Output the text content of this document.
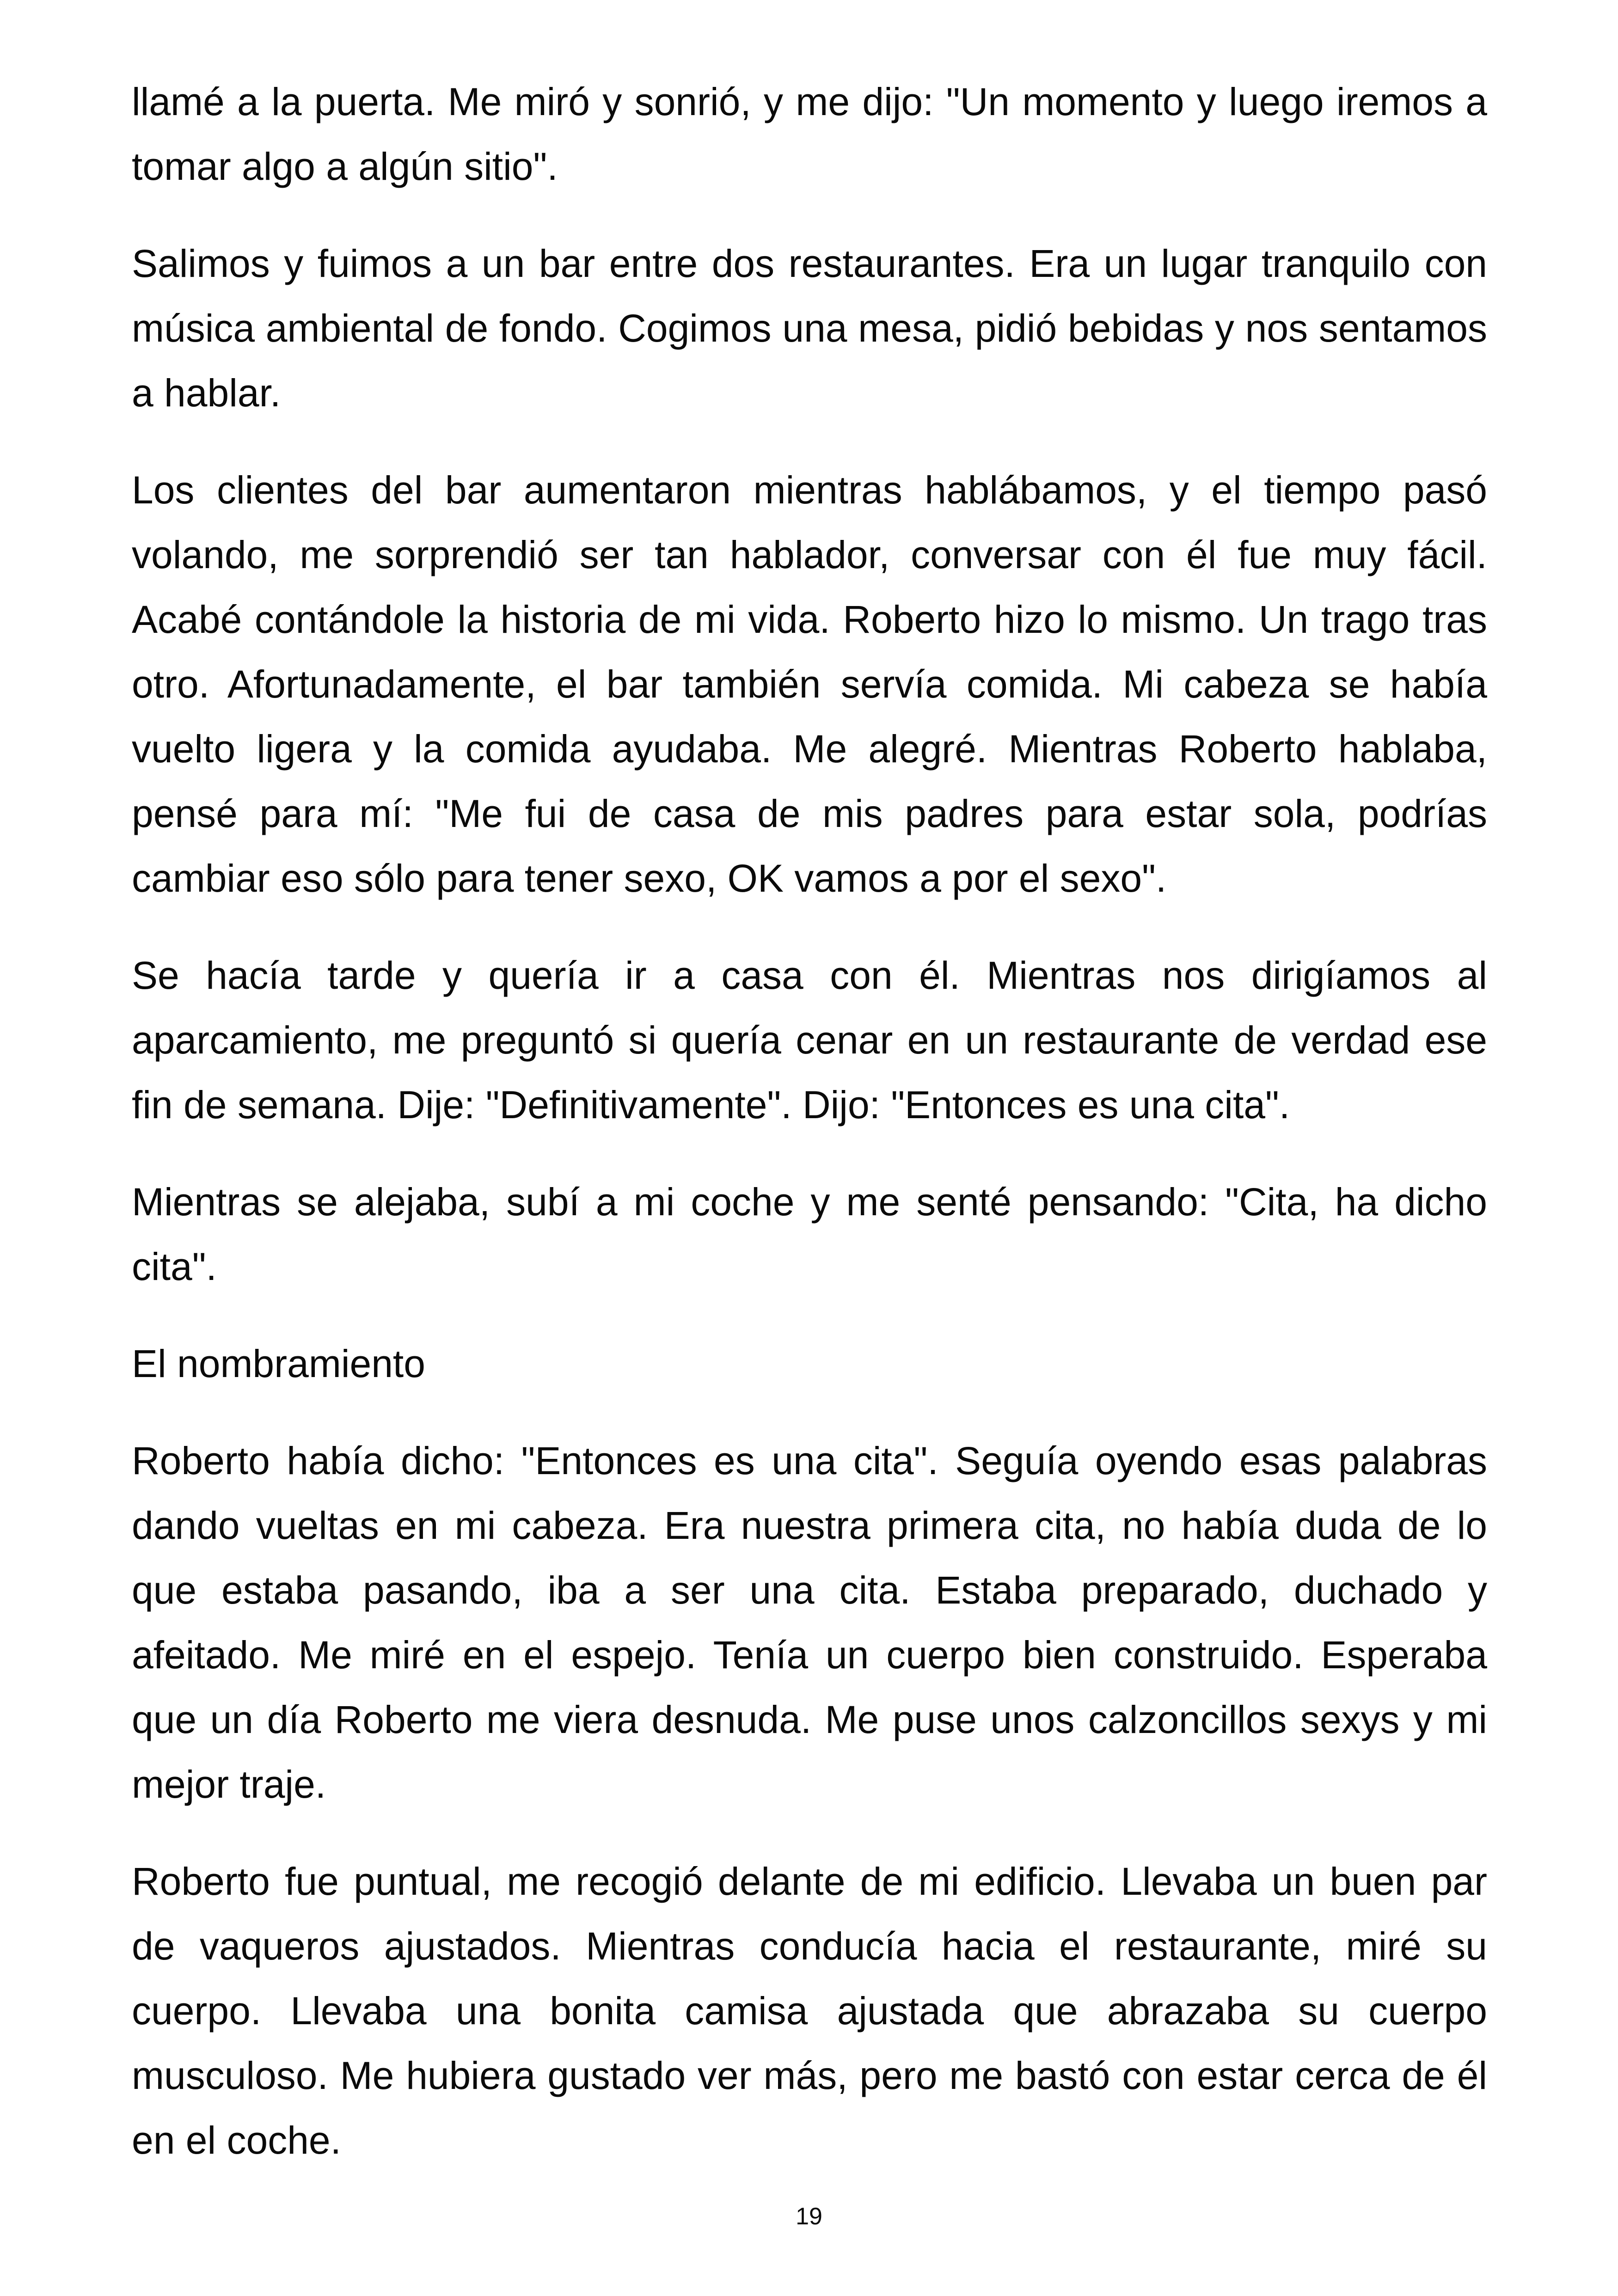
llamé a la puerta. Me miró y sonrió, y me dijo: "Un momento y luego iremos a tomar algo a algún sitio".

Salimos y fuimos a un bar entre dos restaurantes. Era un lugar tranquilo con música ambiental de fondo. Cogimos una mesa, pidió bebidas y nos sentamos a hablar.

Los clientes del bar aumentaron mientras hablábamos, y el tiempo pasó volando, me sorprendió ser tan hablador, conversar con él fue muy fácil. Acabé contándole la historia de mi vida. Roberto hizo lo mismo. Un trago tras otro. Afortunadamente, el bar también servía comida. Mi cabeza se había vuelto ligera y la comida ayudaba. Me alegré. Mientras Roberto hablaba, pensé para mí: "Me fui de casa de mis padres para estar sola, podrías cambiar eso sólo para tener sexo, OK vamos a por el sexo".

Se hacía tarde y quería ir a casa con él. Mientras nos dirigíamos al aparcamiento, me preguntó si quería cenar en un restaurante de verdad ese fin de semana. Dije: "Definitivamente". Dijo: "Entonces es una cita".

Mientras se alejaba, subí a mi coche y me senté pensando: "Cita, ha dicho cita".

El nombramiento

Roberto había dicho: "Entonces es una cita". Seguía oyendo esas palabras dando vueltas en mi cabeza. Era nuestra primera cita, no había duda de lo que estaba pasando, iba a ser una cita. Estaba preparado, duchado y afeitado. Me miré en el espejo. Tenía un cuerpo bien construido. Esperaba que un día Roberto me viera desnuda. Me puse unos calzoncillos sexys y mi mejor traje.

Roberto fue puntual, me recogió delante de mi edificio. Llevaba un buen par de vaqueros ajustados. Mientras conducía hacia el restaurante, miré su cuerpo. Llevaba una bonita camisa ajustada que abrazaba su cuerpo musculoso. Me hubiera gustado ver más, pero me bastó con estar cerca de él en el coche.

19
